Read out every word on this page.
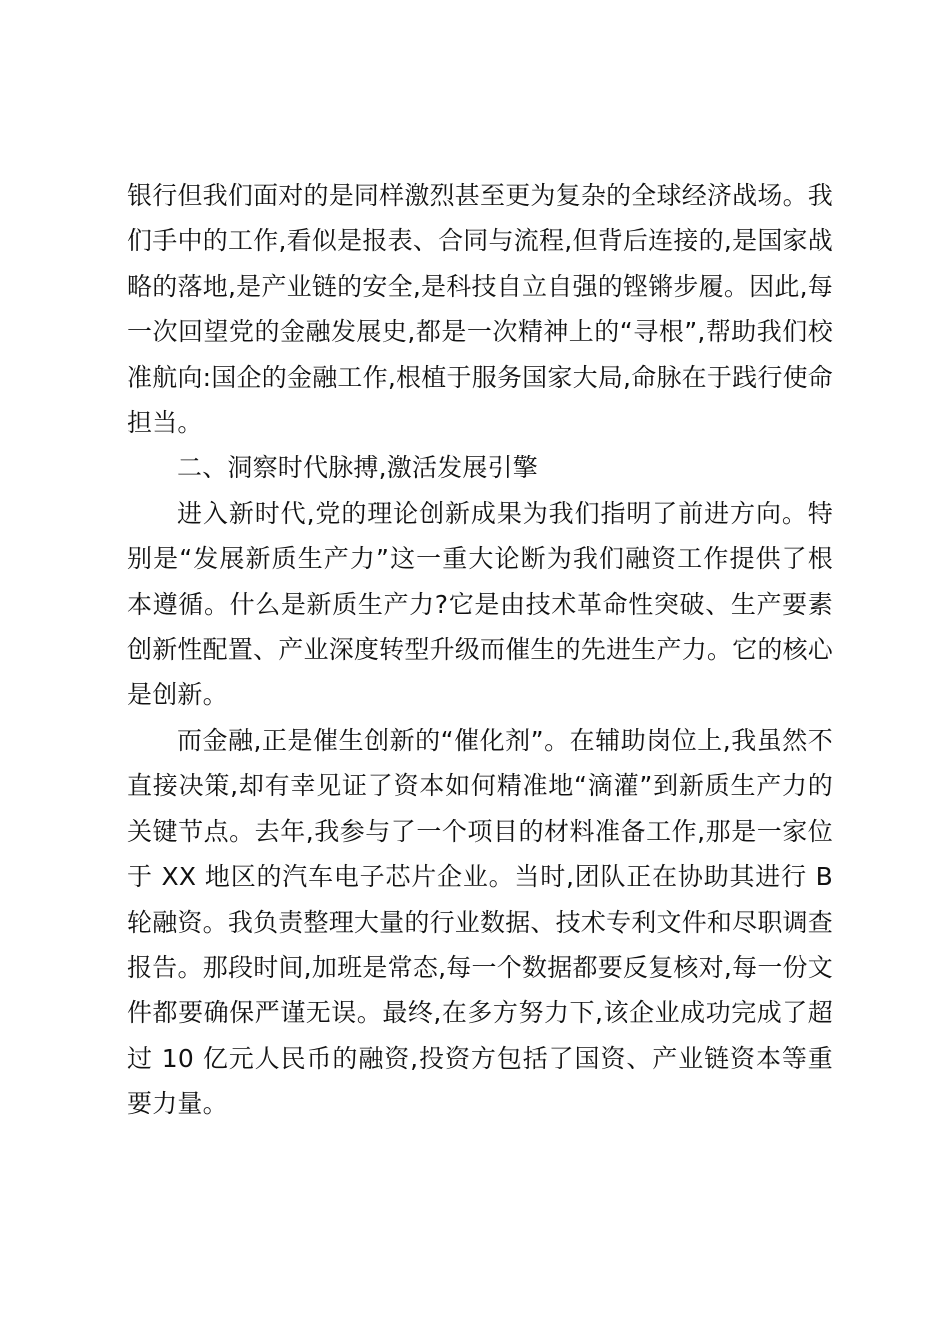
银行但我们面对的是同样激烈甚至更为复杂的全球经济战场。我们手中的工作,看似是报表、合同与流程,但背后连接的,是国家战略的落地,是产业链的安全,是科技自立自强的铿锵步履。因此,每一次回望党的金融发展史,都是一次精神上的“寻根”,帮助我们校准航向:国企的金融工作,根植于服务国家大局,命脉在于践行使命担当。

二、洞察时代脉搏,激活发展引擎

进入新时代,党的理论创新成果为我们指明了前进方向。特别是“发展新质生产力”这一重大论断为我们融资工作提供了根本遵循。什么是新质生产力?它是由技术革命性突破、生产要素创新性配置、产业深度转型升级而催生的先进生产力。它的核心是创新。

而金融,正是催生创新的“催化剂”。在辅助岗位上,我虽然不直接决策,却有幸见证了资本如何精准地“滴灌”到新质生产力的关键节点。去年,我参与了一个项目的材料准备工作,那是一家位于 XX 地区的汽车电子芯片企业。当时,团队正在协助其进行 B 轮融资。我负责整理大量的行业数据、技术专利文件和尽职调查报告。那段时间,加班是常态,每一个数据都要反复核对,每一份文件都要确保严谨无误。最终,在多方努力下,该企业成功完成了超过 10 亿元人民币的融资,投资方包括了国资、产业链资本等重要力量。
